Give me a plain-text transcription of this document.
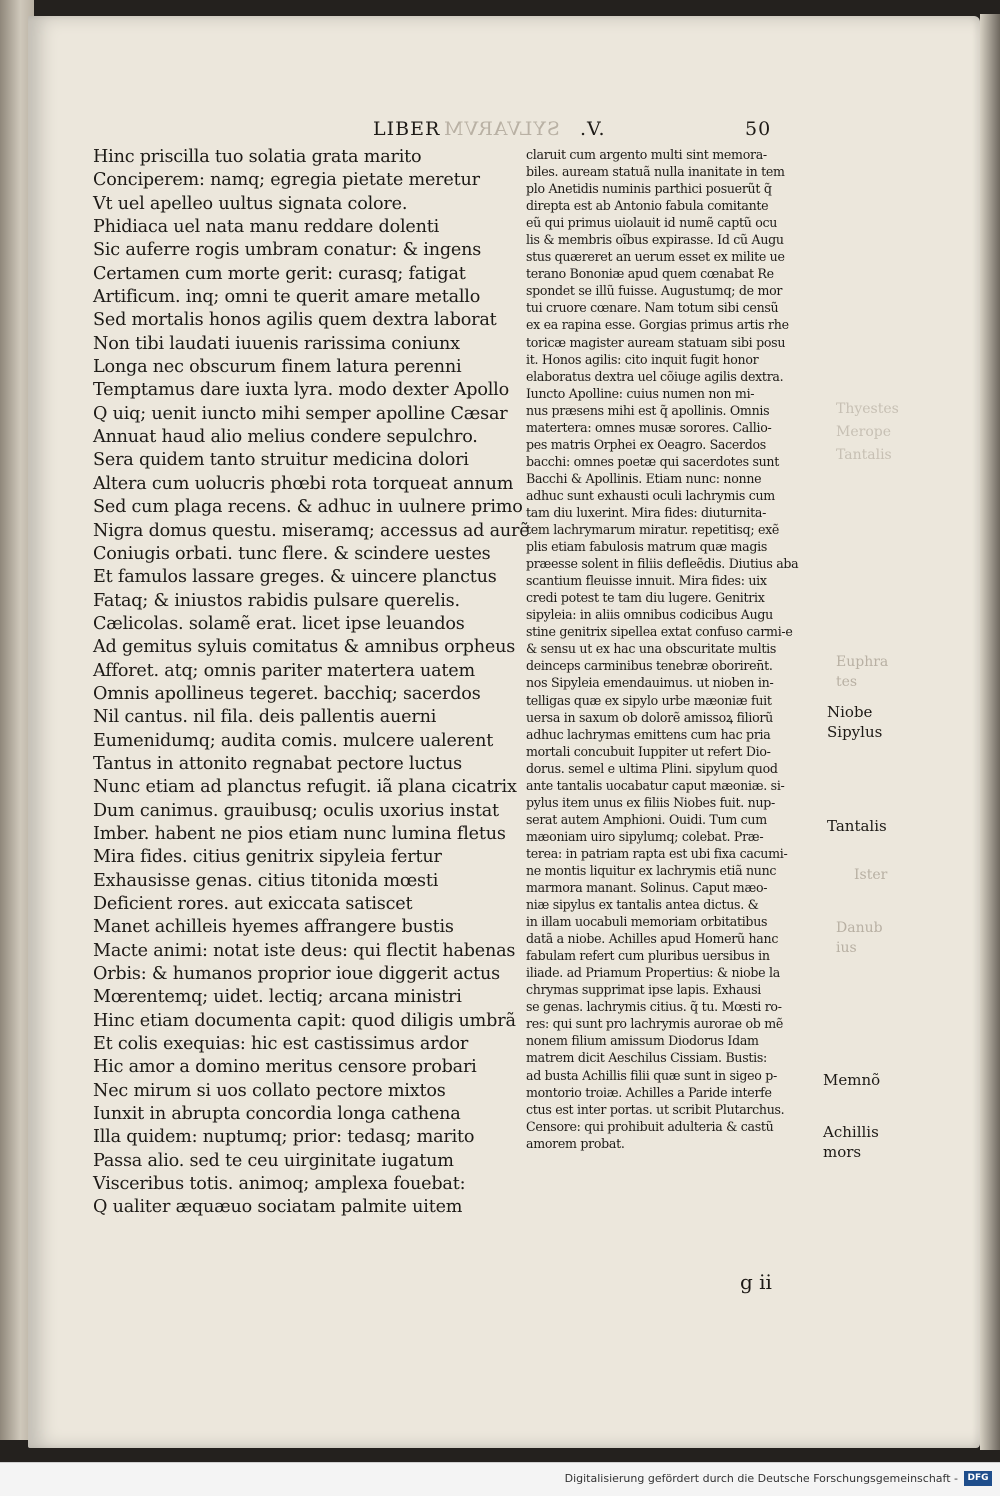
Thyestes
Merope
Tantalis
Euphra
tes
Ister
Danub
ius
LIBER SYLVARVM .V.	50
Hinc priscilla tuo solatia grata marito
Conciperem: namq; egregia pietate meretur
Vt uel apelleo uultus signata colore.
Phidiaca uel nata manu reddare dolenti
Sic auferre rogis umbram conatur: & ingens
Certamen cum morte gerit: curasq; fatigat
Artificum. inq; omni te querit amare metallo
Sed mortalis honos agilis quem dextra laborat
Non tibi laudati iuuenis rarissima coniunx
Longa nec obscurum finem latura perenni
Temptamus dare iuxta lyra. modo dexter Apollo
Q uiq; uenit iuncto mihi semper apolline Cæsar
Annuat haud alio melius condere sepulchro.
Sera quidem tanto struitur medicina dolori
Altera cum uolucris phœbi rota torqueat annum
Sed cum plaga recens. & adhuc in uulnere primo
Nigra domus questu. miseramq; accessus ad aurẽ
Coniugis orbati. tunc flere. & scindere uestes
Et famulos lassare greges. & uincere planctus
Fataq; & iniustos rabidis pulsare querelis.
Cælicolas. solamẽ erat. licet ipse leuandos
Ad gemitus syluis comitatus & amnibus orpheus
Afforet. atq; omnis pariter matertera uatem
Omnis apollineus tegeret. bacchiq; sacerdos
Nil cantus. nil fila. deis pallentis auerni
Eumenidumq; audita comis. mulcere ualerent
Tantus in attonito regnabat pectore luctus
Nunc etiam ad planctus refugit. iã plana cicatrix
Dum canimus. grauibusq; oculis uxorius instat
Imber. habent ne pios etiam nunc lumina fletus
Mira fides. citius genitrix sipyleia fertur
Exhausisse genas. citius titonida mœsti
Deficient rores. aut exiccata satiscet
Manet achilleis hyemes affrangere bustis
Macte animi: notat iste deus: qui flectit habenas
Orbis: & humanos proprior ioue diggerit actus
Mœrentemq; uidet. lectiq; arcana ministri
Hinc etiam documenta capit: quod diligis umbrã
Et colis exequias: hic est castissimus ardor
Hic amor a domino meritus censore probari
Nec mirum si uos collato pectore mixtos
Iunxit in abrupta concordia longa cathena
Illa quidem: nuptumq; prior: tedasq; marito
Passa alio. sed te ceu uirginitate iugatum
Visceribus totis. animoq; amplexa fouebat:
Q ualiter æquæuo sociatam palmite uitem
claruit cum argento multi sint memora-
biles. auream statuã nulla inanitate in tem
plo Anetidis numinis parthici posuerũt q̃
direpta est ab Antonio fabula comitante
eũ qui primus uiolauit id numẽ captũ ocu
lis & membris oĩbus expirasse. Id cũ Augu
stus quæreret an uerum esset ex milite ue
terano Bononiæ apud quem cœnabat Re
spondet se illũ fuisse. Augustumq; de mor
tui cruore cœnare. Nam totum sibi censũ
ex ea rapina esse. Gorgias primus artis rhe
toricæ magister auream statuam sibi posu
it. Honos agilis: cito inquit fugit honor
elaboratus dextra uel cõiuge agilis dextra.
Iuncto Apolline: cuius numen non mi-
nus præsens mihi est q̃ apollinis. Omnis
matertera: omnes musæ sorores. Callio-
pes matris Orphei ex Oeagro. Sacerdos
bacchi: omnes poetæ qui sacerdotes sunt
Bacchi & Apollinis. Etiam nunc: nonne
adhuc sunt exhausti oculi lachrymis cum
tam diu luxerint. Mira fides: diuturnita-
tem lachrymarum miratur. repetitisq; exẽ
plis etiam fabulosis matrum quæ magis
præesse solent in filiis defleẽdis. Diutius aba
scantium fleuisse innuit. Mira fides: uix
credi potest te tam diu lugere. Genitrix
sipyleia: in aliis omnibus codicibus Augu
stine genitrix sipellea extat confuso carmi-e
& sensu ut ex hac una obscuritate multis
deinceps carminibus tenebræ oboriren̄t.
nos Sipyleia emendauimus. ut nioben in-
telligas quæ ex sipylo urbe mæoniæ fuit
uersa in saxum ob dolorẽ amissoꝝ filiorũ
adhuc lachrymas emittens cum hac pria
mortali concubuit Iuppiter ut refert Dio-
dorus. semel e ultima Plini. sipylum quod
ante tantalis uocabatur caput mæoniæ. si-
pylus item unus ex filiis Niobes fuit. nup-
serat autem Amphioni. Ouidi. Tum cum
mæoniam uiro sipylumq; colebat. Præ-
terea: in patriam rapta est ubi fixa cacumi-
ne montis liquitur ex lachrymis etiã nunc
marmora manant. Solinus. Caput mæo-
niæ sipylus ex tantalis antea dictus. &
in illam uocabuli memoriam orbitatibus
datã a niobe. Achilles apud Homerũ hanc
fabulam refert cum pluribus uersibus in
iliade. ad Priamum Propertius: & niobe la
chrymas supprimat ipse lapis. Exhausi
se genas. lachrymis citius. q̃ tu. Mœsti ro-
res: qui sunt pro lachrymis aurorae ob mẽ
nonem filium amissum Diodorus Idam
matrem dicit Aeschilus Cissiam. Bustis:
ad busta Achillis filii quæ sunt in sigeo p-
montorio troiæ. Achilles a Paride interfe
ctus est inter portas. ut scribit Plutarchus.
Censore: qui prohibuit adulteria & castũ
amorem probat.
Niobe
Sipylus
Tantalis
Memnõ
Achillis
mors
g ii
Digitalisierung gefördert durch die Deutsche Forschungsgemeinschaft -	DFG
